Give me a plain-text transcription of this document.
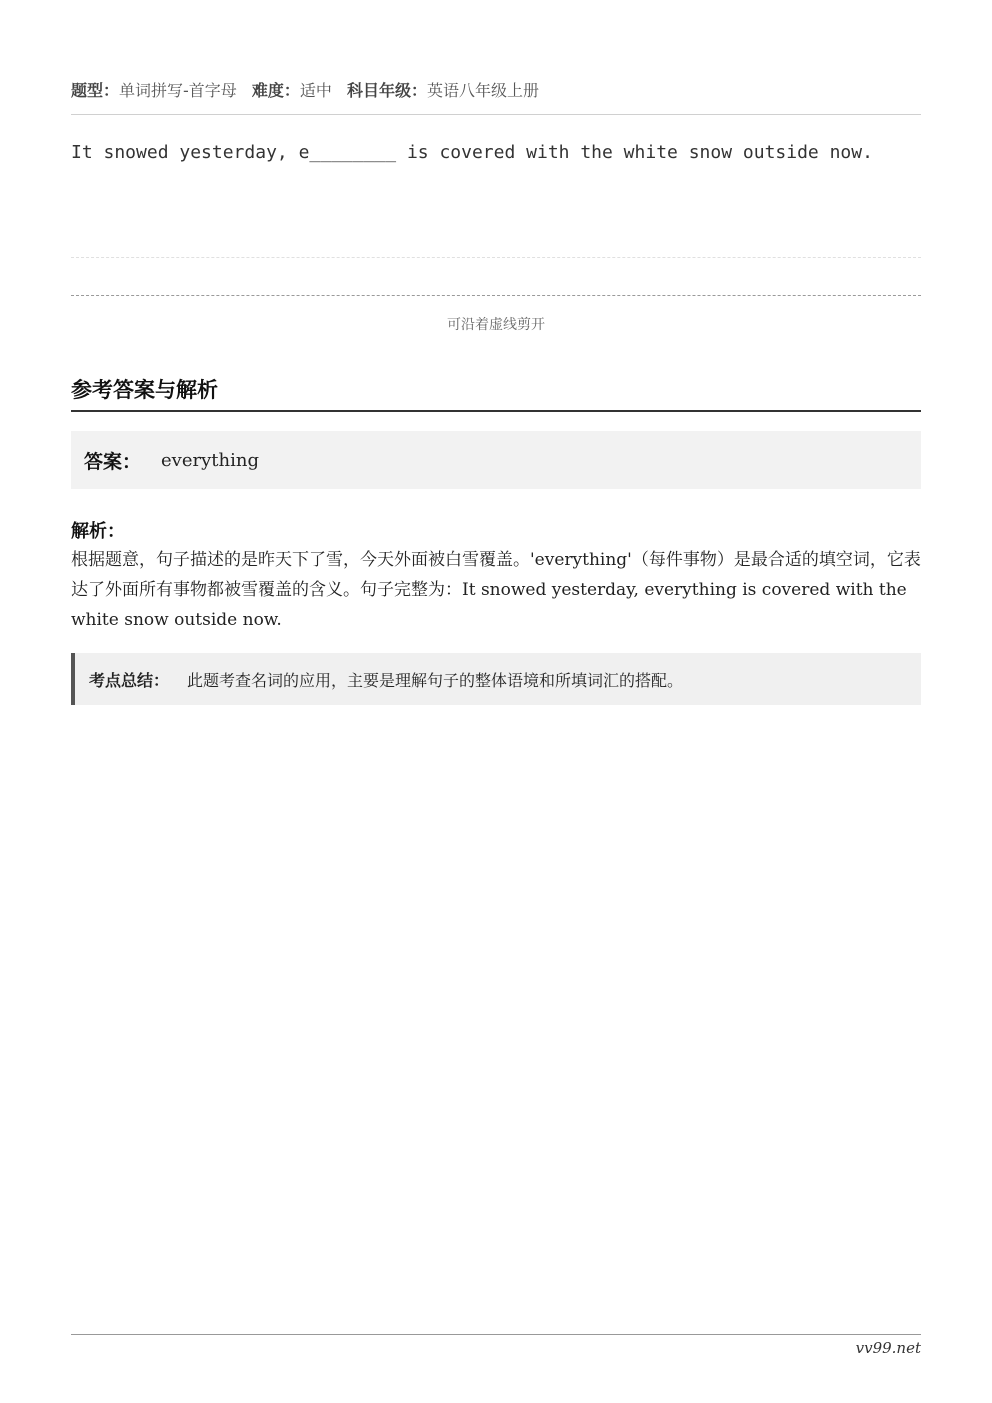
题型：单词拼写-首字母 难度：适中 科目年级：英语八年级上册
It snowed yesterday, e________ is covered with the white snow outside now.
可沿着虚线剪开
参考答案与解析
答案： everything
解析：
根据题意，句子描述的是昨天下了雪，今天外面被白雪覆盖。'everything'（每件事物）是最合适的填空词，它表达了外面所有事物都被雪覆盖的含义。句子完整为：It snowed yesterday, everything is covered with the white snow outside now.
考点总结： 此题考查名词的应用，主要是理解句子的整体语境和所填词汇的搭配。
vv99.net
